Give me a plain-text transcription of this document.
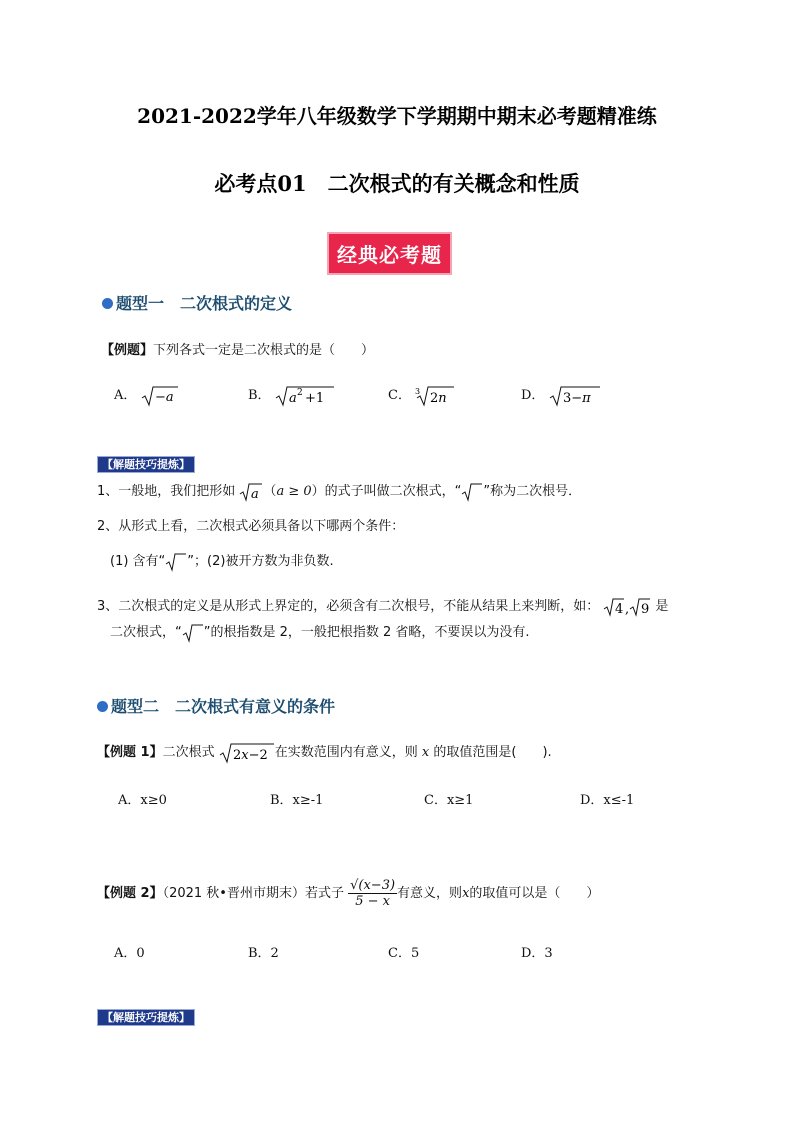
2021-2022学年八年级数学下学期期中期末必考题精准练
必考点01　二次根式的有关概念和性质
经典必考题
题型一　二次根式的定义
【例题】下列各式一定是二次根式的是（　　）
A． −a	B． a 2 +1	C． 3 2n	D． 3−π
【解题技巧提炼】
1、一般地，我们把形如 a （a ≥ 0）的式子叫做二次根式，“ ”称为二次根号．
2、从形式上看，二次根式必须具备以下哪两个条件：
(1) 含有“ ”；(2)被开方数为非负数.
3、二次根式的定义是从形式上界定的，必须含有二次根号，不能从结果上来判断，如： 4 , 9 是
二次根式，“ ”的根指数是 2，一般把根指数 2 省略，不要误以为没有.
题型二　二次根式有意义的条件
【例题 1】二次根式 2x−2 在实数范围内有意义，则 x 的取值范围是(　　).
A．x≥0	B．x≥-1	C．x≥1	D．x≤-1
【例题 2】（2021 秋•晋州市期末）若式子 $\frac{√(x-3)}{5 - x}$ 有意义，则x的取值可以是（　　）
A．0	B．2	C．5	D．3
【解题技巧提炼】
